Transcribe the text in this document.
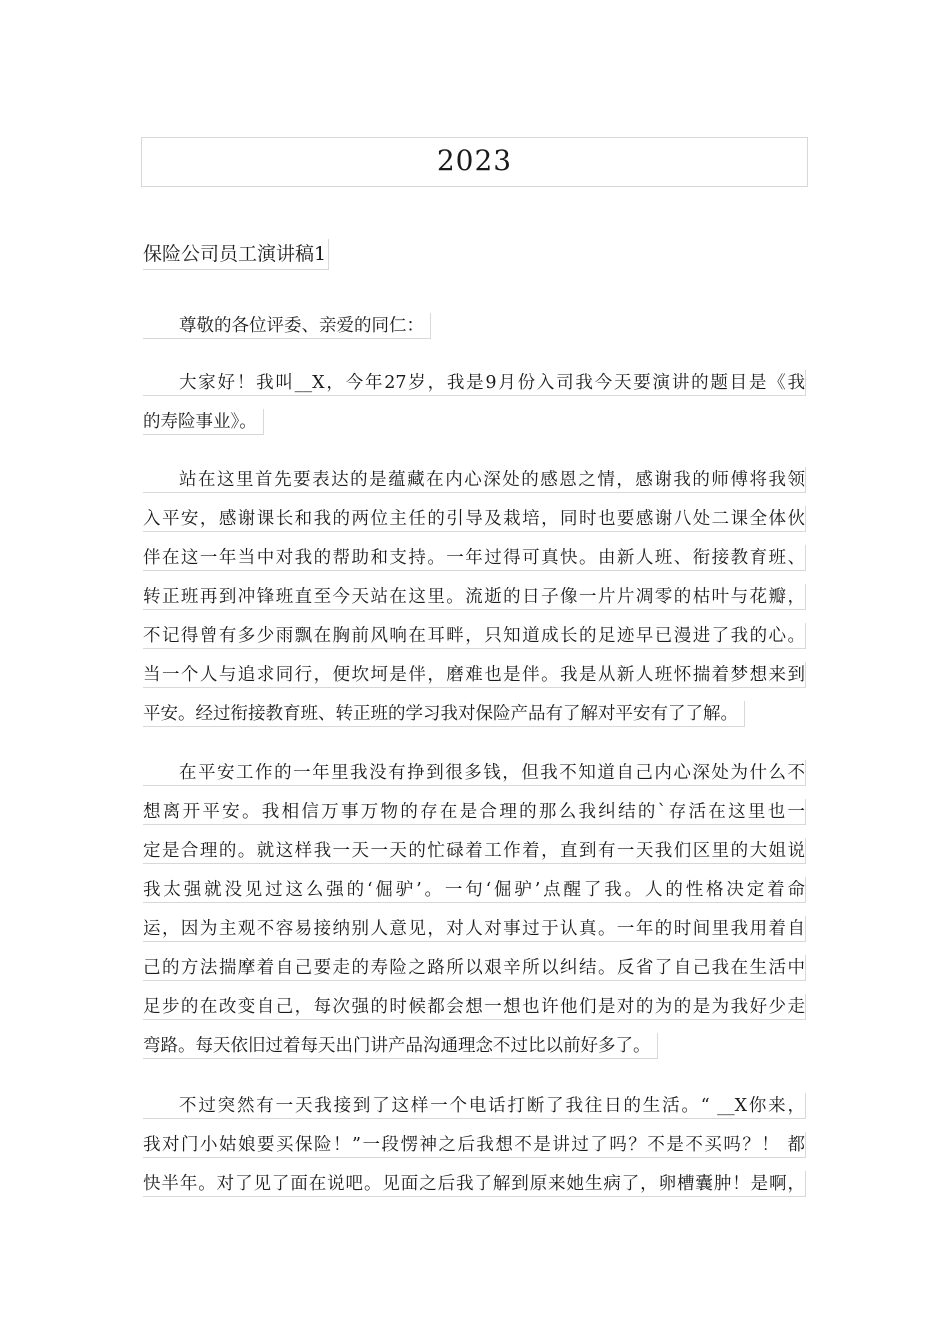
2023
保险公司员工演讲稿1
尊敬的各位评委、亲爱的同仁：
大家好！我叫__X，今年27岁，我是9月份入司我今天要演讲的题目是《我
的寿险事业》。
站在这里首先要表达的是蕴藏在内心深处的感恩之情，感谢我的师傅将我领
入平安，感谢课长和我的两位主任的引导及栽培，同时也要感谢八处二课全体伙
伴在这一年当中对我的帮助和支持。一年过得可真快。由新人班、衔接教育班、
转正班再到冲锋班直至今天站在这里。流逝的日子像一片片凋零的枯叶与花瓣，
不记得曾有多少雨飘在胸前风响在耳畔，只知道成长的足迹早已漫进了我的心。
当一个人与追求同行，便坎坷是伴，磨难也是伴。我是从新人班怀揣着梦想来到
平安。经过衔接教育班、转正班的学习我对保险产品有了解对平安有了了解。
在平安工作的一年里我没有挣到很多钱，但我不知道自己内心深处为什么不
想离开平安。我相信万事万物的存在是合理的那么我纠结的`存活在这里也一
定是合理的。就这样我一天一天的忙碌着工作着，直到有一天我们区里的大姐说
我太强就没见过这么强的‘倔驴’。一句‘倔驴’点醒了我。人的性格决定着命
运，因为主观不容易接纳别人意见，对人对事过于认真。一年的时间里我用着自
己的方法揣摩着自己要走的寿险之路所以艰辛所以纠结。反省了自己我在生活中
足步的在改变自己，每次强的时候都会想一想也许他们是对的为的是为我好少走
弯路。每天依旧过着每天出门讲产品沟通理念不过比以前好多了。
不过突然有一天我接到了这样一个电话打断了我往日的生活。“ __X你来，
我对门小姑娘要买保险！”一段愣神之后我想不是讲过了吗？不是不买吗？！ 都
快半年。对了见了面在说吧。见面之后我了解到原来她生病了，卵槽囊肿！是啊，
